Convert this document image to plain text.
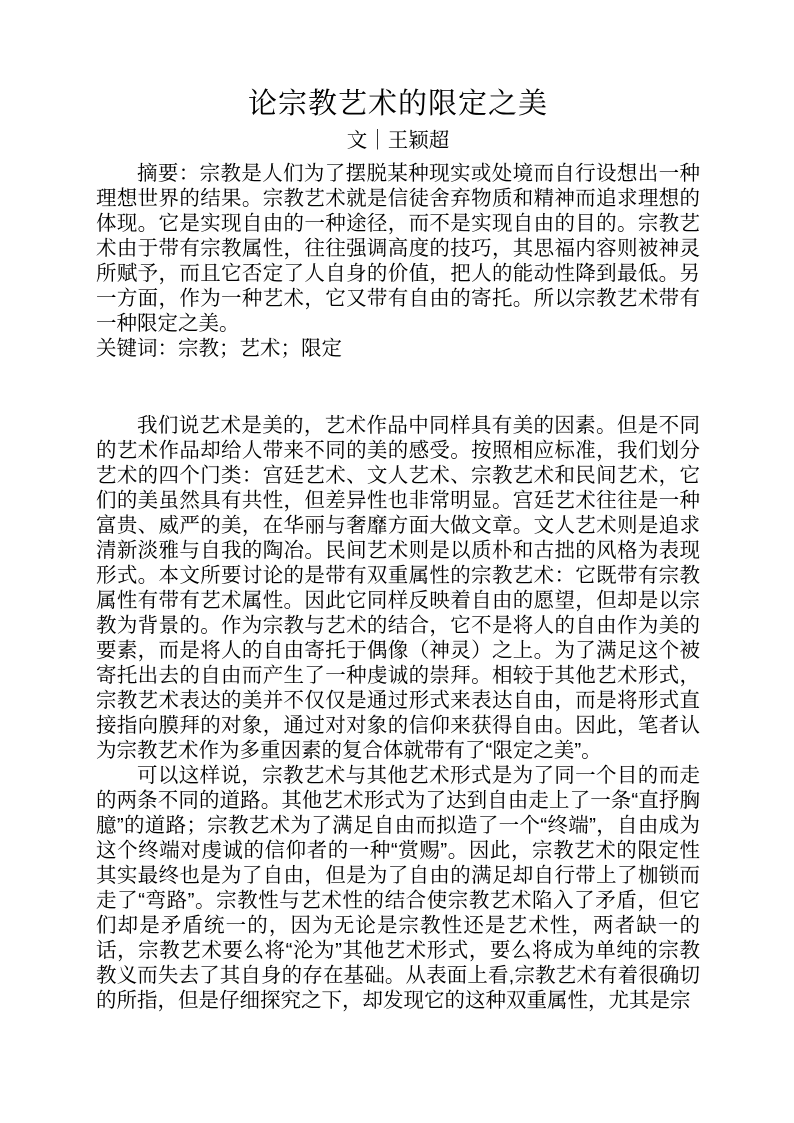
论宗教艺术的限定之美
文｜王颖超

摘要：宗教是人们为了摆脱某种现实或处境而自行设想出一种理想世界的结果。宗教艺术就是信徒舍弃物质和精神而追求理想的体现。它是实现自由的一种途径，而不是实现自由的目的。宗教艺术由于带有宗教属性，往往强调高度的技巧，其思福内容则被神灵所赋予，而且它否定了人自身的价值，把人的能动性降到最低。另一方面，作为一种艺术，它又带有自由的寄托。所以宗教艺术带有一种限定之美。

关键词：宗教；艺术；限定

我们说艺术是美的，艺术作品中同样具有美的因素。但是不同的艺术作品却给人带来不同的美的感受。按照相应标准，我们划分艺术的四个门类：宫廷艺术、文人艺术、宗教艺术和民间艺术，它们的美虽然具有共性，但差异性也非常明显。宫廷艺术往往是一种富贵、威严的美，在华丽与奢靡方面大做文章。文人艺术则是追求清新淡雅与自我的陶冶。民间艺术则是以质朴和古拙的风格为表现形式。本文所要讨论的是带有双重属性的宗教艺术：它既带有宗教属性有带有艺术属性。因此它同样反映着自由的愿望，但却是以宗教为背景的。作为宗教与艺术的结合，它不是将人的自由作为美的要素，而是将人的自由寄托于偶像（神灵）之上。为了满足这个被寄托出去的自由而产生了一种虔诚的崇拜。相较于其他艺术形式，宗教艺术表达的美并不仅仅是通过形式来表达自由，而是将形式直接指向膜拜的对象，通过对对象的信仰来获得自由。因此，笔者认为宗教艺术作为多重因素的复合体就带有了“限定之美”。

可以这样说，宗教艺术与其他艺术形式是为了同一个目的而走的两条不同的道路。其他艺术形式为了达到自由走上了一条“直抒胸臆”的道路；宗教艺术为了满足自由而拟造了一个“终端”，自由成为这个终端对虔诚的信仰者的一种“赏赐”。因此，宗教艺术的限定性其实最终也是为了自由，但是为了自由的满足却自行带上了枷锁而走了“弯路”。宗教性与艺术性的结合使宗教艺术陷入了矛盾，但它们却是矛盾统一的，因为无论是宗教性还是艺术性，两者缺一的话，宗教艺术要么将“沦为”其他艺术形式，要么将成为单纯的宗教教义而失去了其自身的存在基础。从表面上看,宗教艺术有着很确切的所指，但是仔细探究之下，却发现它的这种双重属性，尤其是宗
